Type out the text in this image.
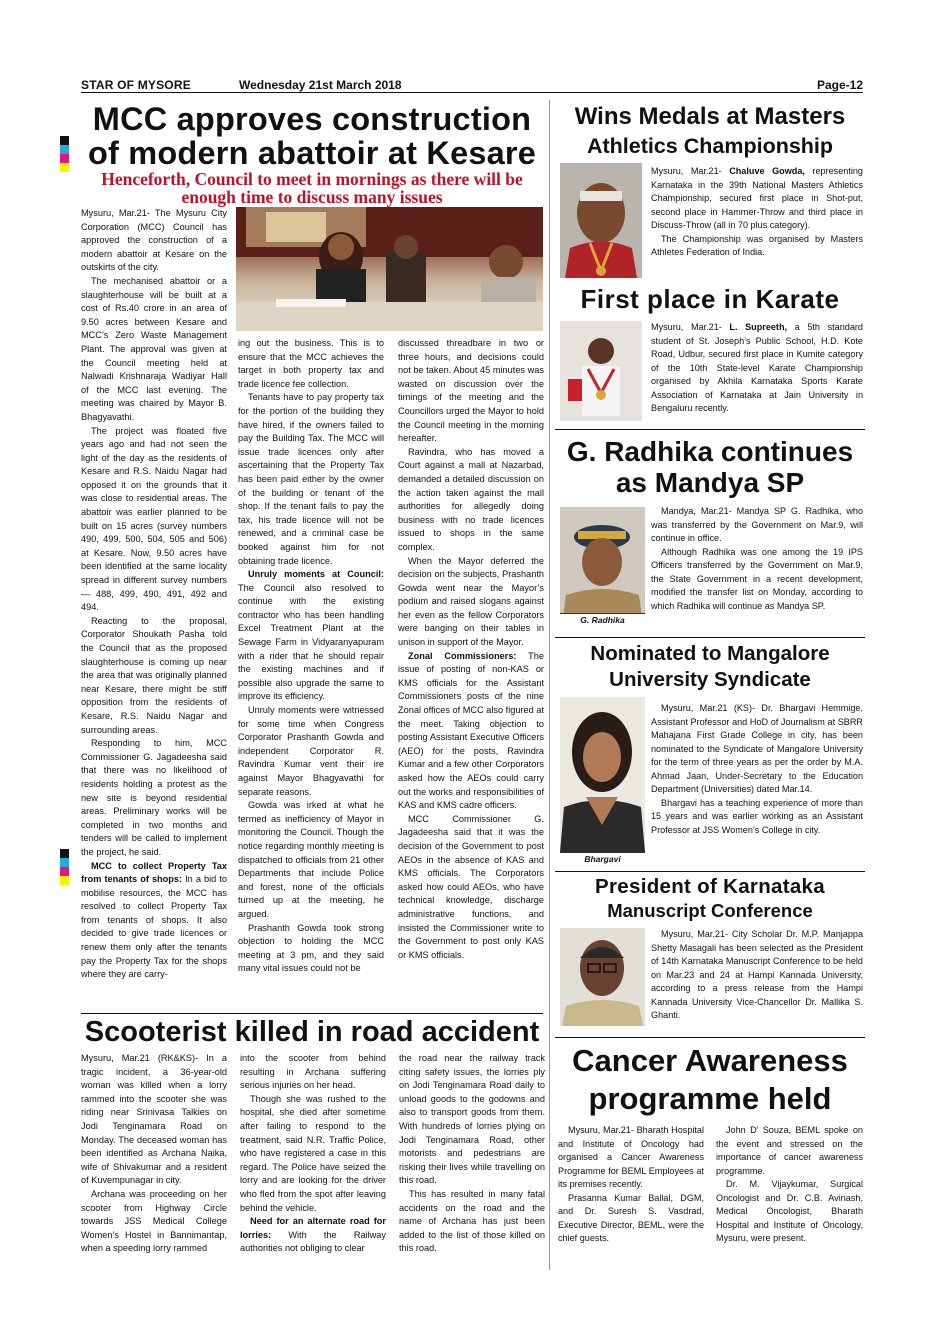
STAR OF MYSORE	Wednesday 21st March 2018	Page-12
MCC approves construction of modern abattoir at Kesare
Henceforth, Council to meet in mornings as there will be enough time to discuss many issues

Mysuru, Mar.21- The Mysuru City Corporation (MCC) Council has approved the construction of a modern abattoir at Kesare on the outskirts of the city.

The mechanised abattoir or a slaughterhouse will be built at a cost of Rs.40 crore in an area of 9.50 acres between Kesare and MCC’s Zero Waste Management Plant. The approval was given at the Council meeting held at Nalwadi Krishnaraja Wadiyar Hall of the MCC last evening. The meeting was chaired by Mayor B. Bhagyavathi.

The project was floated five years ago and had not seen the light of the day as the residents of Kesare and R.S. Naidu Nagar had opposed it on the grounds that it was close to residential areas. The abattoir was earlier planned to be built on 15 acres (survey numbers 490, 499, 500, 504, 505 and 506) at Kesare. Now, 9.50 acres have been identified at the same locality spread in different survey numbers — 488, 499, 490, 491, 492 and 494.

Reacting to the proposal, Corporator Shoukath Pasha told the Council that as the proposed slaughterhouse is coming up near the area that was originally planned near Kesare, there might be stiff opposition from the residents of Kesare, R.S. Naidu Nagar and surrounding areas.

Responding to him, MCC Commissioner G. Jagadeesha said that there was no likelihood of residents holding a protest as the new site is beyond residential areas. Preliminary works will be completed in two months and tenders will be called to implement the project, he said.

MCC to collect Property Tax from tenants of shops: In a bid to mobilise resources, the MCC has resolved to collect Property Tax from tenants of shops. It also decided to give trade licences or renew them only after the tenants pay the Property Tax for the shops where they are carry-

ing out the business. This is to ensure that the MCC achieves the target in both property tax and trade licence fee collection.

Tenants have to pay property tax for the portion of the building they have hired, if the owners failed to pay the Building Tax. The MCC will issue trade licences only after ascertaining that the Property Tax has been paid either by the owner of the building or tenant of the shop. If the tenant fails to pay the tax, his trade licence will not be renewed, and a criminal case be booked against him for not obtaining trade licence.

Unruly moments at Council: The Council also resolved to continue with the existing contractor who has been handling Excel Treatment Plant at the Sewage Farm in Vidyaranyapuram with a rider that he should repair the existing machines and if possible also upgrade the same to improve its efficiency.

Unruly moments were witnessed for some time when Congress Corporator Prashanth Gowda and independent Corporator R. Ravindra Kumar vent their ire against Mayor Bhagyavathi for separate reasons.

Gowda was irked at what he termed as inefficiency of Mayor in monitoring the Council. Though the notice regarding monthly meeting is dispatched to officials from 21 other Departments that include Police and forest, none of the officials turned up at the meeting, he argued.

Prashanth Gowda took strong objection to holding the MCC meeting at 3 pm, and they said many vital issues could not be

discussed threadbare in two or three hours, and decisions could not be taken. About 45 minutes was wasted on discussion over the timings of the meeting and the Councillors urged the Mayor to hold the Council meeting in the morning hereafter.

Ravindra, who has moved a Court against a mall at Nazarbad, demanded a detailed discussion on the action taken against the mall authorities for allegedly doing business with no trade licences issued to shops in the same complex.

When the Mayor deferred the decision on the subjects, Prashanth Gowda went near the Mayor’s podium and raised slogans against her even as the fellow Corporators were banging on their tables in unison in support of the Mayor.

Zonal Commissioners: The issue of posting of non-KAS or KMS officials for the Assistant Commissioners posts of the nine Zonal offices of MCC also figured at the meet. Taking objection to posting Assistant Executive Officers (AEO) for the posts, Ravindra Kumar and a few other Corporators asked how the AEOs could carry out the works and responsibilities of KAS and KMS cadre officers.

MCC Commissioner G. Jagadeesha said that it was the decision of the Government to post AEOs in the absence of KAS and KMS officials. The Corporators asked how could AEOs, who have technical knowledge, discharge administrative functions, and insisted the Commissioner write to the Government to post only KAS or KMS officials.

Scooterist killed in road accident

Mysuru, Mar.21 (RK&KS)- In a tragic incident, a 36-year-old woman was killed when a lorry rammed into the scooter she was riding near Srinivasa Talkies on Jodi Tenginamara Road on Monday. The deceased woman has been identified as Archana Naika, wife of Shivakumar and a resident of Kuvempunagar in city.

Archana was proceeding on her scooter from Highway Circle towards JSS Medical College Women’s Hostel in Bannimantap, when a speeding lorry rammed

into the scooter from behind resulting in Archana suffering serious injuries on her head.

Though she was rushed to the hospital, she died after sometime after failing to respond to the treatment, said N.R. Traffic Police, who have registered a case in this regard. The Police have seized the lorry and are looking for the driver who fled from the spot after leaving behind the vehicle.

Need for an alternate road for lorries: With the Railway authorities not obliging to clear

the road near the railway track citing safety issues, the lorries ply on Jodi Tenginamara Road daily to unload goods to the godowns and also to transport goods from them. With hundreds of lorries plying on Jodi Tenginamara Road, other motorists and pedestrians are risking their lives while travelling on this road.

This has resulted in many fatal accidents on the road and the name of Archana has just been added to the list of those killed on this road.

Wins Medals at Masters
Athletics Championship

Mysuru, Mar.21- Chaluve Gowda, representing Karnataka in the 39th National Masters Athletics Championship, secured first place in Shot-put, second place in Hammer-Throw and third place in Discuss-Throw (all in 70 plus category).

The Championship was organised by Masters Athletes Federation of India.

First place in Karate

Mysuru, Mar.21- L. Supreeth, a 5th standard student of St. Joseph’s Public School, H.D. Kote Road, Udbur, secured first place in Kumite category of the 10th State-level Karate Championship organised by Akhila Karnataka Sports Karate Association of Karnataka at Jain University in Bengaluru recently.

G. Radhika continues
as Mandya SP
G. Radhika

Mandya, Mar.21- Mandya SP G. Radhika, who was transferred by the Government on Mar.9, will continue in office.

Although Radhika was one among the 19 IPS Officers transferred by the Government on Mar.9, the State Government in a recent development, modified the transfer list on Monday, according to which Radhika will continue as Mandya SP.

Nominated to Mangalore
University Syndicate
Bhargavi

Mysuru, Mar.21 (KS)- Dr. Bhargavi Hemmige, Assistant Professor and HoD of Journalism at SBRR Mahajana First Grade College in city, has been nominated to the Syndicate of Mangalore University for the term of three years as per the order by M.A. Ahmad Jaan, Under-Secretary to the Education Department (Universities) dated Mar.14.

Bhargavi has a teaching experience of more than 15 years and was earlier working as an Assistant Professor at JSS Women’s College in city.

President of Karnataka
Manuscript Conference

Mysuru, Mar.21- City Scholar Dr. M.P. Manjappa Shetty Masagali has been selected as the President of 14th Karnataka Manuscript Conference to be held on Mar.23 and 24 at Hampi Kannada University, according to a press release from the Hampi Kannada University Vice-Chancellor Dr. Mallika S. Ghanti.

Cancer Awareness
programme held

Mysuru, Mar.21- Bharath Hospital and Institute of Oncology had organised a Cancer Awareness Programme for BEML Employees at its premises recently.

Prasanna Kumar Ballal, DGM, and Dr. Suresh S. Vasdrad, Executive Director, BEML, were the chief guests.

John D’ Souza, BEML spoke on the event and stressed on the importance of cancer awareness programme.

Dr. M. Vijaykumar, Surgical Oncologist and Dr. C.B. Avinash, Medical Oncologist, Bharath Hospital and Institute of Oncology, Mysuru, were present.
